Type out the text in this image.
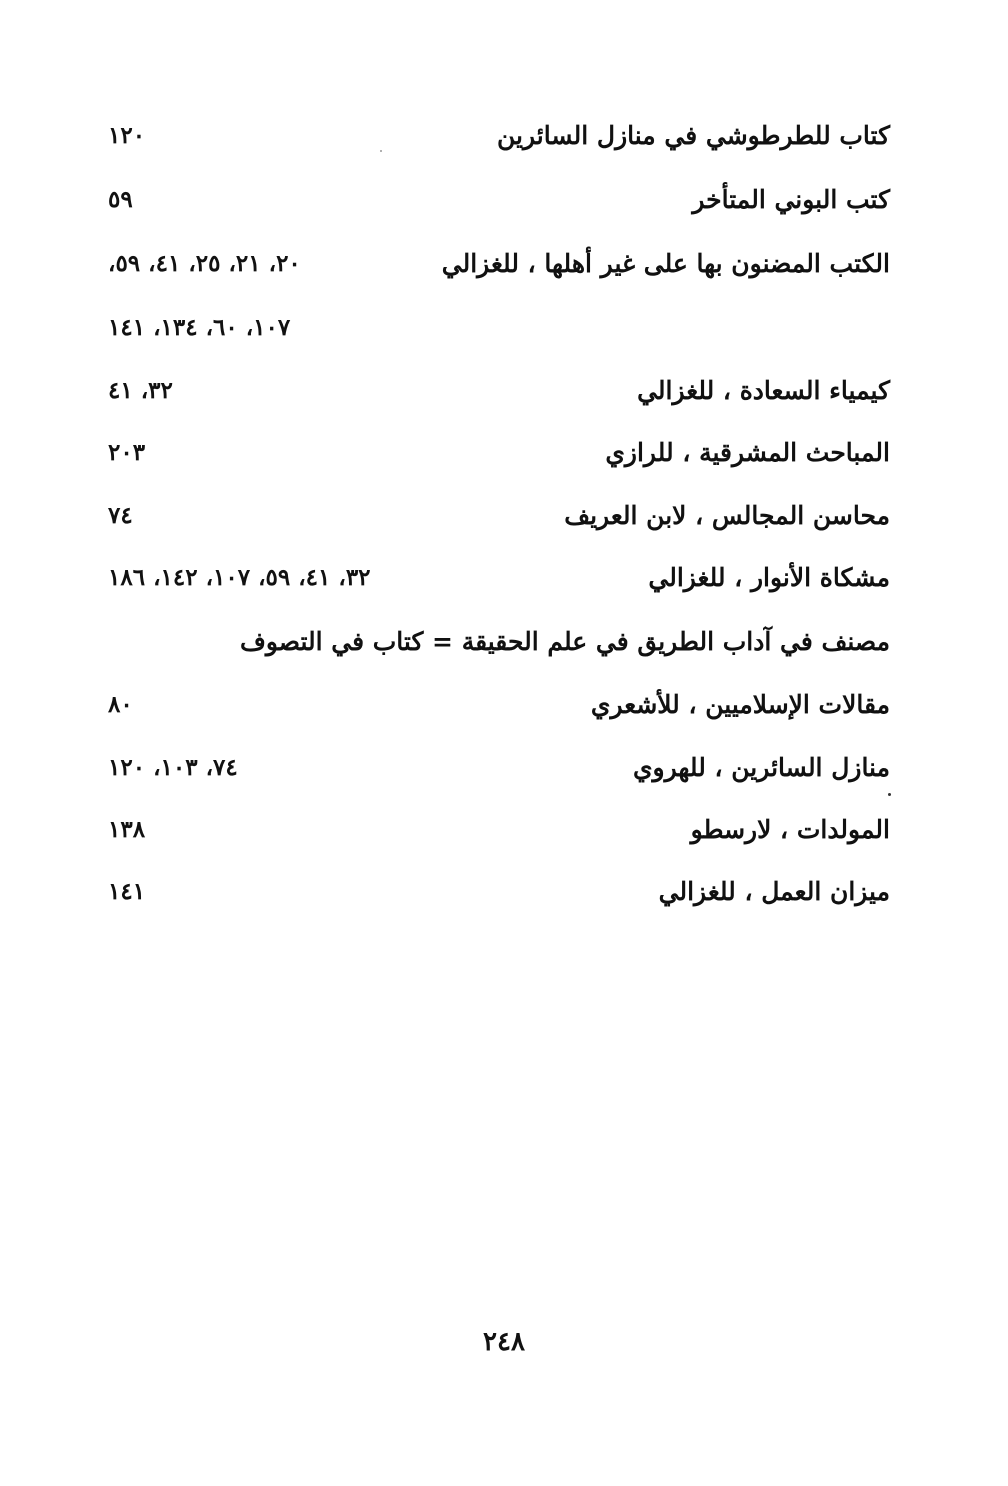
كتاب للطرطوشي في منازل السائرين
١٢٠
كتب البوني المتأخر
٥٩
الكتب المضنون بها على غير أهلها ، للغزالي
٢٠، ٢١، ٢٥، ٤١، ٥٩،
١٠٧، ٦٠، ١٣٤، ١٤١
كيمياء السعادة ، للغزالي
٣٢، ٤١
المباحث المشرقية ، للرازي
٢٠٣
محاسن المجالس ، لابن العريف
٧٤
مشكاة الأنوار ، للغزالي
٣٢، ٤١، ٥٩، ١٠٧، ١٤٢، ١٨٦
مصنف في آداب الطريق في علم الحقيقة = كتاب في التصوف
مقالات الإسلاميين ، للأشعري
٨٠
منازل السائرين ، للهروي
٧٤، ١٠٣، ١٢٠
المولدات ، لارسطو
١٣٨
ميزان العمل ، للغزالي
١٤١
٢٤٨
